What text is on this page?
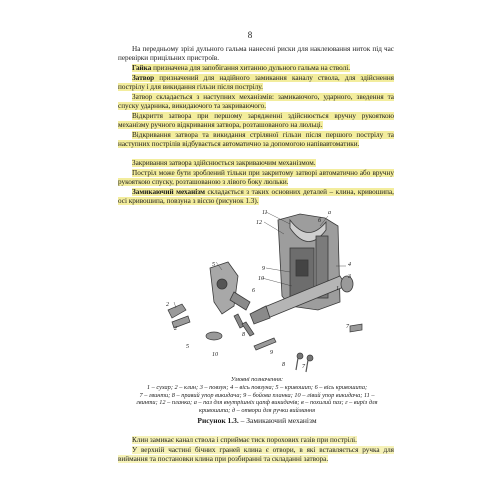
8
На передньому зрізі дульного гальма нанесені риски для наклеювання ниток під час перевірки прицільних пристроїв.
Гайка призначена для запобігання хитанню дульного гальма на стволі.
Затвор призначений для надійного замикання каналу ствола, для здійснення пострілу і для викидання гільзи після пострілу.
Затвор складається з наступних механізмів: замикаючого, ударного, зведення та спуску ударника, викидаючого та закриваючого.
Відкриття затвора при першому зарядженні здійснюється вручну рукояткою механізму ручного відкривання затвора, розташованого на люльці.
Відкривання затвора та викидання стріляної гільзи після першого пострілу та наступних пострілів відбувається автоматично за допомогою напівавтоматики.
Закривання затвора здійснюється закриваючим механізмом.
Постріл може бути зроблений тільки при закритому затворі автоматично або вручну рукояткою спуску, розташованою з лівого боку люльки.
Замикаючий механізм складається з таких основних деталей – клина, кривошипа, осі кривошипа, повзуна з віссю (рисунок 1.3).
11
12
а
б
9
10
4
3
1
5
2
6
7
8
2
9
10
5
8	7
Умовні позначення:
1 – сухар; 2 – клин; 3 – повзун; 4 – вісь повзуна; 5 – кривошип; 6 – вісь кривошипа;
7 – гвинти; 8 – правий упор викидача; 9 – бойова планка; 10 – лівий упор викидача; 11 –
гвинти; 12 – планка; а – паз для внутрішніх цапф викидачів; в – похилий паз; г – виріз для
кривошипа; д – отвори для ручки виймання
Рисунок 1.3. – Замикаючий механізм
Клин замикає канал ствола і сприймає тиск порохових газів при пострілі.
У верхній частині бічних граней клина є отвори, в які вставляється ручка для виймання та постановки клина при розбиранні та складанні затвора.
